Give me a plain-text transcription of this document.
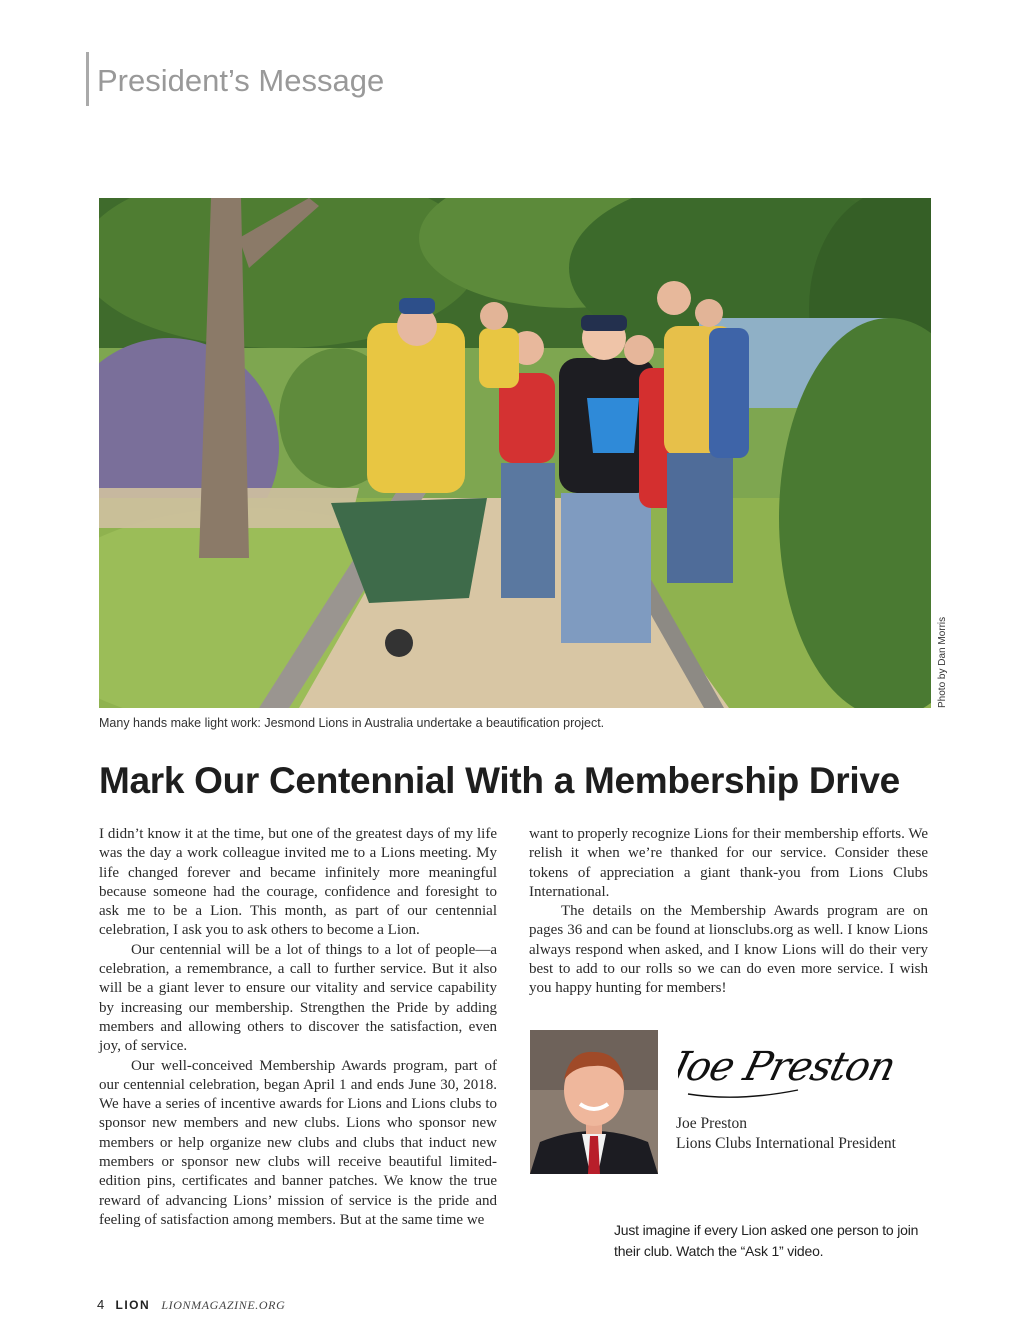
President’s Message
Photo by Dan Morris
Many hands make light work: Jesmond Lions in Australia undertake a beautification project.
Mark Our Centennial With a Membership Drive

I didn’t know it at the time, but one of the greatest days of my life was the day a work colleague invited me to a Lions meeting. My life changed forever and became infinitely more meaningful because someone had the courage, confidence and foresight to ask me to be a Lion. This month, as part of our centennial celebration, I ask you to ask others to become a Lion.

Our centennial will be a lot of things to a lot of people—a celebration, a remembrance, a call to further service. But it also will be a giant lever to ensure our vitality and service capability by increasing our membership. Strengthen the Pride by adding members and allowing others to discover the satisfaction, even joy, of service.

Our well-conceived Membership Awards program, part of our centennial celebration, began April 1 and ends June 30, 2018. We have a series of incentive awards for Lions and Lions clubs to sponsor new members and new clubs. Lions who sponsor new members or help organize new clubs and clubs that induct new members or sponsor new clubs will receive beautiful limited-edition pins, certificates and banner patches. We know the true reward of advancing Lions’ mission of service is the pride and feeling of satisfaction among members. But at the same time we

want to properly recognize Lions for their membership efforts. We relish it when we’re thanked for our service. Consider these tokens of appreciation a giant thank-you from Lions Clubs International.

The details on the Membership Awards program are on pages 36 and can be found at lionsclubs.org as well. I know Lions always respond when asked, and I know Lions will do their very best to add to our rolls so we can do even more service. I wish you happy hunting for members!

Joe Preston
Joe Preston
Lions Clubs International President
Just imagine if every Lion asked one person to join their club. Watch the “Ask 1” video.
4 LION LIONMAGAZINE.ORG
